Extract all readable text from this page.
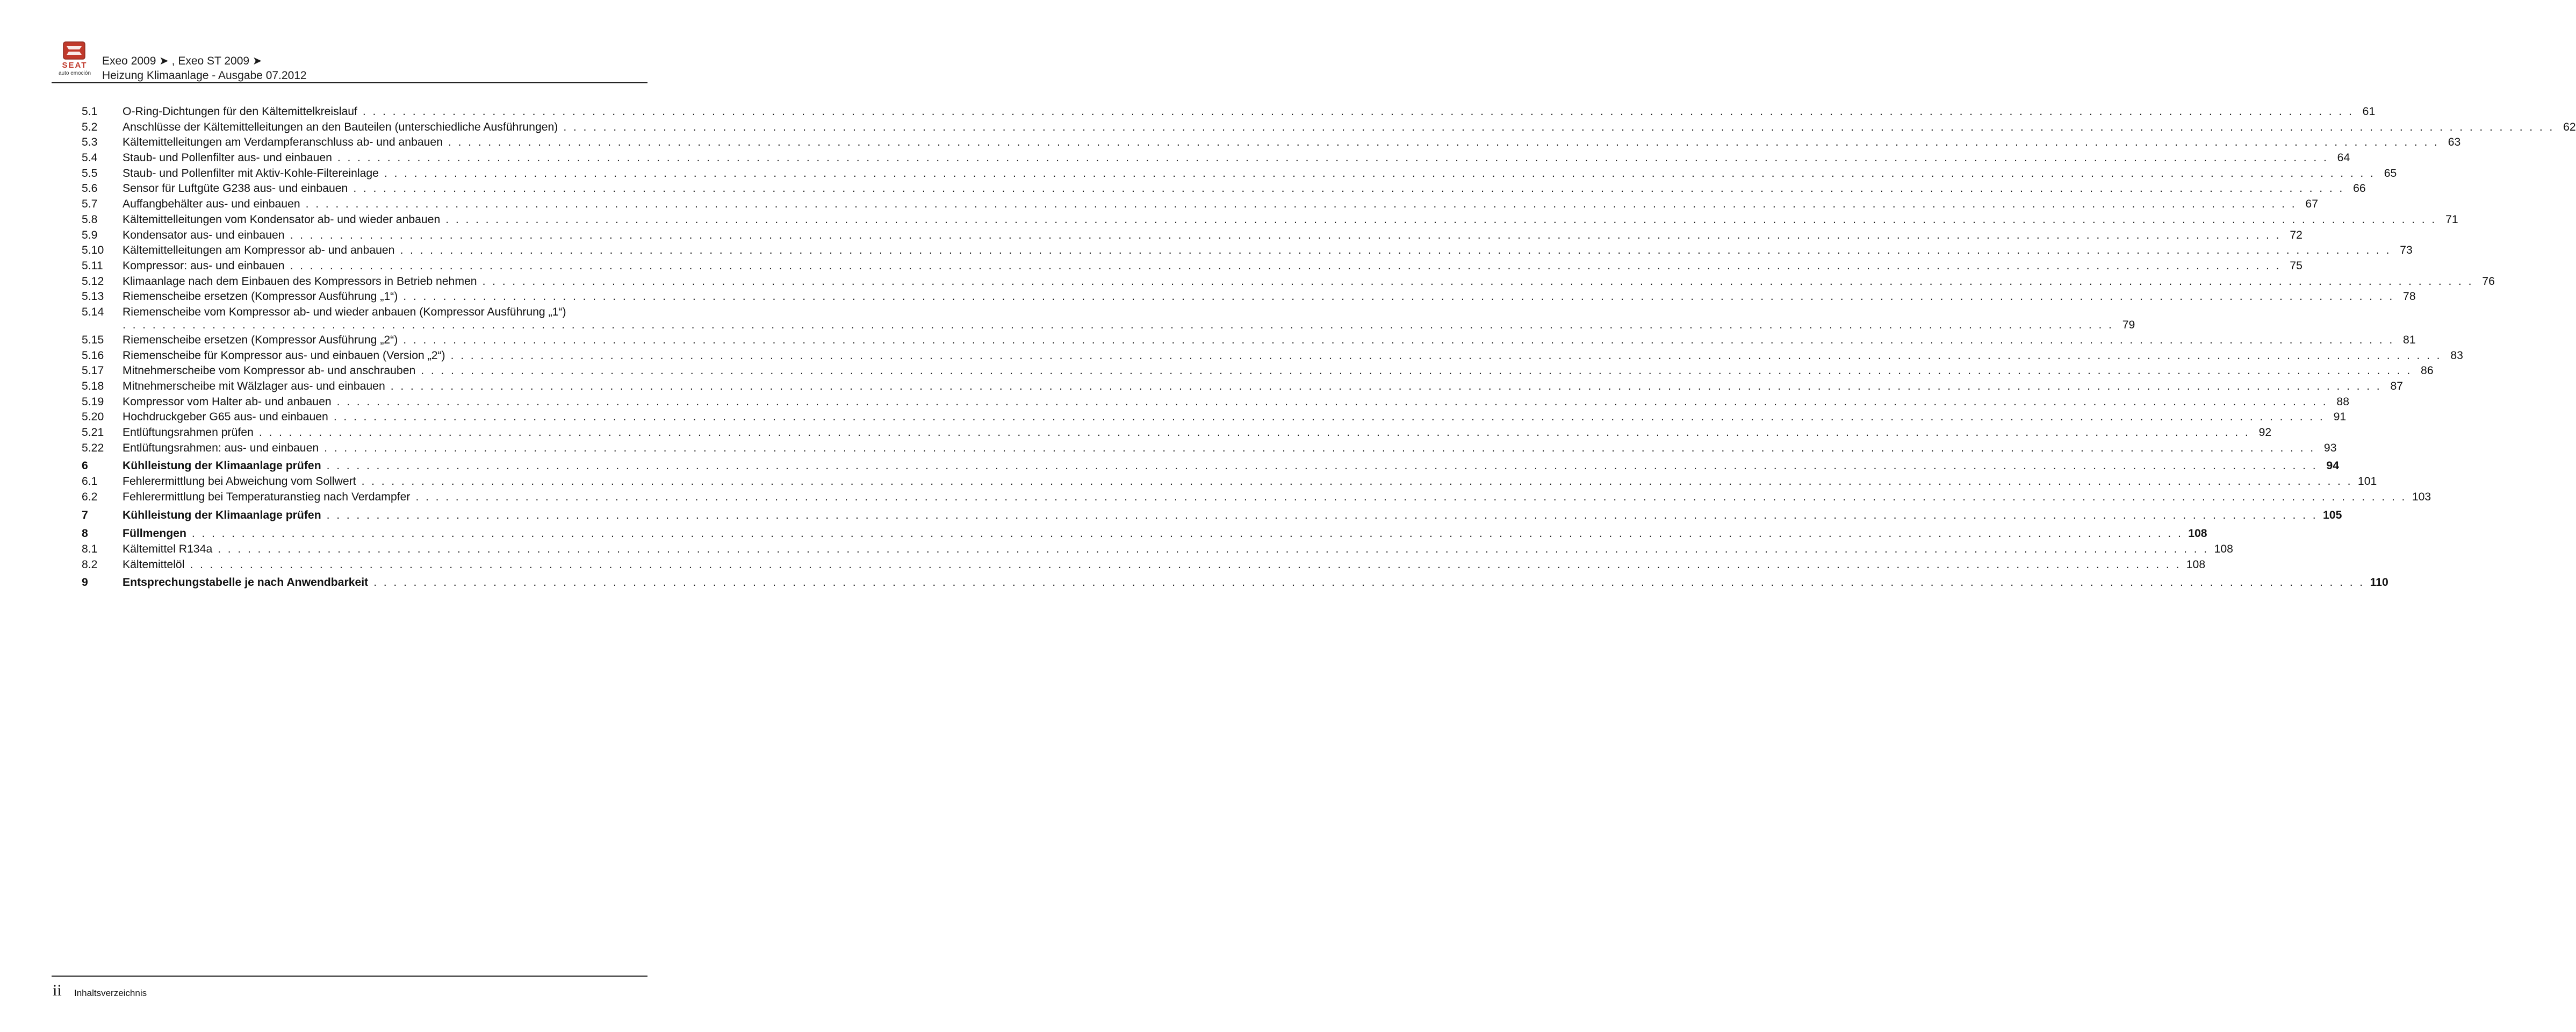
SEAT
auto emoción
Exeo 2009 ➤ , Exeo ST 2009 ➤
Heizung Klimaanlage - Ausgabe 07.2012
5.1 O-Ring-Dichtungen für den Kältemittelkreislauf . . . . . . . . . . . . . . . . . . . . . . . . . . . . . . . . . . . . . . . . . . . . . . . . . . . . . . . . . . . . . . . . . . . . . . . . . . . . . . . . . . . . . . . . . . . . . . . . . . . . . . . . . . . . . . . . . . . . . . . . . . . . . . . . . . . . . . . . . . . . . . . . . . . . . . . . . . . . . . . . . . . . . . . . . . . . . . . . . . . . . . . . . . . . . . . . . . . . . . . . 61
5.2 Anschlüsse der Kältemittelleitungen an den Bauteilen (unterschiedliche Ausführungen) . . . . . . . . . . . . . . . . . . . . . . . . . . . . . . . . . . . . . . . . . . . . . . . . . . . . . . . . . . . . . . . . . . . . . . . . . . . . . . . . . . . . . . . . . . . . . . . . . . . . . . . . . . . . . . . . . . . . . . . . . . . . . . . . . . . . . . . . . . . . . . . . . . . . . . . . . . . . . . . . . . . . . . . . . . . . . . . . . . . . . . . . . . . . . . . . . . . . . . . . 62
5.3 Kältemittelleitungen am Verdampferanschluss ab- und anbauen . . . . . . . . . . . . . . . . . . . . . . . . . . . . . . . . . . . . . . . . . . . . . . . . . . . . . . . . . . . . . . . . . . . . . . . . . . . . . . . . . . . . . . . . . . . . . . . . . . . . . . . . . . . . . . . . . . . . . . . . . . . . . . . . . . . . . . . . . . . . . . . . . . . . . . . . . . . . . . . . . . . . . . . . . . . . . . . . . . . . . . . . . . . . . . . . . . . . . . . . 63
5.4 Staub- und Pollenfilter aus- und einbauen . . . . . . . . . . . . . . . . . . . . . . . . . . . . . . . . . . . . . . . . . . . . . . . . . . . . . . . . . . . . . . . . . . . . . . . . . . . . . . . . . . . . . . . . . . . . . . . . . . . . . . . . . . . . . . . . . . . . . . . . . . . . . . . . . . . . . . . . . . . . . . . . . . . . . . . . . . . . . . . . . . . . . . . . . . . . . . . . . . . . . . . . . . . . . . . . . . . . . . . . 64
5.5 Staub- und Pollenfilter mit Aktiv-Kohle-Filtereinlage . . . . . . . . . . . . . . . . . . . . . . . . . . . . . . . . . . . . . . . . . . . . . . . . . . . . . . . . . . . . . . . . . . . . . . . . . . . . . . . . . . . . . . . . . . . . . . . . . . . . . . . . . . . . . . . . . . . . . . . . . . . . . . . . . . . . . . . . . . . . . . . . . . . . . . . . . . . . . . . . . . . . . . . . . . . . . . . . . . . . . . . . . . . . . . . . . . . . . . . . 65
5.6 Sensor für Luftgüte G238 aus- und einbauen . . . . . . . . . . . . . . . . . . . . . . . . . . . . . . . . . . . . . . . . . . . . . . . . . . . . . . . . . . . . . . . . . . . . . . . . . . . . . . . . . . . . . . . . . . . . . . . . . . . . . . . . . . . . . . . . . . . . . . . . . . . . . . . . . . . . . . . . . . . . . . . . . . . . . . . . . . . . . . . . . . . . . . . . . . . . . . . . . . . . . . . . . . . . . . . . . . . . . . . . 66
5.7 Auffangbehälter aus- und einbauen . . . . . . . . . . . . . . . . . . . . . . . . . . . . . . . . . . . . . . . . . . . . . . . . . . . . . . . . . . . . . . . . . . . . . . . . . . . . . . . . . . . . . . . . . . . . . . . . . . . . . . . . . . . . . . . . . . . . . . . . . . . . . . . . . . . . . . . . . . . . . . . . . . . . . . . . . . . . . . . . . . . . . . . . . . . . . . . . . . . . . . . . . . . . . . . . . . . . . . . . 67
5.8 Kältemittelleitungen vom Kondensator ab- und wieder anbauen . . . . . . . . . . . . . . . . . . . . . . . . . . . . . . . . . . . . . . . . . . . . . . . . . . . . . . . . . . . . . . . . . . . . . . . . . . . . . . . . . . . . . . . . . . . . . . . . . . . . . . . . . . . . . . . . . . . . . . . . . . . . . . . . . . . . . . . . . . . . . . . . . . . . . . . . . . . . . . . . . . . . . . . . . . . . . . . . . . . . . . . . . . . . . . . . . . . . . . . . 71
5.9 Kondensator aus- und einbauen . . . . . . . . . . . . . . . . . . . . . . . . . . . . . . . . . . . . . . . . . . . . . . . . . . . . . . . . . . . . . . . . . . . . . . . . . . . . . . . . . . . . . . . . . . . . . . . . . . . . . . . . . . . . . . . . . . . . . . . . . . . . . . . . . . . . . . . . . . . . . . . . . . . . . . . . . . . . . . . . . . . . . . . . . . . . . . . . . . . . . . . . . . . . . . . . . . . . . . . . 72
5.10 Kältemittelleitungen am Kompressor ab- und anbauen . . . . . . . . . . . . . . . . . . . . . . . . . . . . . . . . . . . . . . . . . . . . . . . . . . . . . . . . . . . . . . . . . . . . . . . . . . . . . . . . . . . . . . . . . . . . . . . . . . . . . . . . . . . . . . . . . . . . . . . . . . . . . . . . . . . . . . . . . . . . . . . . . . . . . . . . . . . . . . . . . . . . . . . . . . . . . . . . . . . . . . . . . . . . . . . . . . . . . . . . 73
5.11 Kompressor: aus- und einbauen . . . . . . . . . . . . . . . . . . . . . . . . . . . . . . . . . . . . . . . . . . . . . . . . . . . . . . . . . . . . . . . . . . . . . . . . . . . . . . . . . . . . . . . . . . . . . . . . . . . . . . . . . . . . . . . . . . . . . . . . . . . . . . . . . . . . . . . . . . . . . . . . . . . . . . . . . . . . . . . . . . . . . . . . . . . . . . . . . . . . . . . . . . . . . . . . . . . . . . . . 75
5.12 Klimaanlage nach dem Einbauen des Kompressors in Betrieb nehmen . . . . . . . . . . . . . . . . . . . . . . . . . . . . . . . . . . . . . . . . . . . . . . . . . . . . . . . . . . . . . . . . . . . . . . . . . . . . . . . . . . . . . . . . . . . . . . . . . . . . . . . . . . . . . . . . . . . . . . . . . . . . . . . . . . . . . . . . . . . . . . . . . . . . . . . . . . . . . . . . . . . . . . . . . . . . . . . . . . . . . . . . . . . . . . . . . . . . . . . . 76
5.13 Riemenscheibe ersetzen (Kompressor Ausführung „1“) . . . . . . . . . . . . . . . . . . . . . . . . . . . . . . . . . . . . . . . . . . . . . . . . . . . . . . . . . . . . . . . . . . . . . . . . . . . . . . . . . . . . . . . . . . . . . . . . . . . . . . . . . . . . . . . . . . . . . . . . . . . . . . . . . . . . . . . . . . . . . . . . . . . . . . . . . . . . . . . . . . . . . . . . . . . . . . . . . . . . . . . . . . . . . . . . . . . . . . . . 78
5.14 Riemenscheibe vom Kompressor ab- und wieder anbauen (Kompressor Ausführung „1“)
. . . . . . . . . . . . . . . . . . . . . . . . . . . . . . . . . . . . . . . . . . . . . . . . . . . . . . . . . . . . . . . . . . . . . . . . . . . . . . . . . . . . . . . . . . . . . . . . . . . . . . . . . . . . . . . . . . . . . . . . . . . . . . . . . . . . . . . . . . . . . . . . . . . . . . . . . . . . . . . . . . . . . . . . . . . . . . . . . . . . . . . . . . . . . . . . . . . . . . . . 79
5.15 Riemenscheibe ersetzen (Kompressor Ausführung „2“) . . . . . . . . . . . . . . . . . . . . . . . . . . . . . . . . . . . . . . . . . . . . . . . . . . . . . . . . . . . . . . . . . . . . . . . . . . . . . . . . . . . . . . . . . . . . . . . . . . . . . . . . . . . . . . . . . . . . . . . . . . . . . . . . . . . . . . . . . . . . . . . . . . . . . . . . . . . . . . . . . . . . . . . . . . . . . . . . . . . . . . . . . . . . . . . . . . . . . . . . 81
5.16 Riemenscheibe für Kompressor aus- und einbauen (Version „2“) . . . . . . . . . . . . . . . . . . . . . . . . . . . . . . . . . . . . . . . . . . . . . . . . . . . . . . . . . . . . . . . . . . . . . . . . . . . . . . . . . . . . . . . . . . . . . . . . . . . . . . . . . . . . . . . . . . . . . . . . . . . . . . . . . . . . . . . . . . . . . . . . . . . . . . . . . . . . . . . . . . . . . . . . . . . . . . . . . . . . . . . . . . . . . . . . . . . . . . . . 83
5.17 Mitnehmerscheibe vom Kompressor ab- und anschrauben . . . . . . . . . . . . . . . . . . . . . . . . . . . . . . . . . . . . . . . . . . . . . . . . . . . . . . . . . . . . . . . . . . . . . . . . . . . . . . . . . . . . . . . . . . . . . . . . . . . . . . . . . . . . . . . . . . . . . . . . . . . . . . . . . . . . . . . . . . . . . . . . . . . . . . . . . . . . . . . . . . . . . . . . . . . . . . . . . . . . . . . . . . . . . . . . . . . . . . . . 86
5.18 Mitnehmerscheibe mit Wälzlager aus- und einbauen . . . . . . . . . . . . . . . . . . . . . . . . . . . . . . . . . . . . . . . . . . . . . . . . . . . . . . . . . . . . . . . . . . . . . . . . . . . . . . . . . . . . . . . . . . . . . . . . . . . . . . . . . . . . . . . . . . . . . . . . . . . . . . . . . . . . . . . . . . . . . . . . . . . . . . . . . . . . . . . . . . . . . . . . . . . . . . . . . . . . . . . . . . . . . . . . . . . . . . . . 87
5.19 Kompressor vom Halter ab- und anbauen . . . . . . . . . . . . . . . . . . . . . . . . . . . . . . . . . . . . . . . . . . . . . . . . . . . . . . . . . . . . . . . . . . . . . . . . . . . . . . . . . . . . . . . . . . . . . . . . . . . . . . . . . . . . . . . . . . . . . . . . . . . . . . . . . . . . . . . . . . . . . . . . . . . . . . . . . . . . . . . . . . . . . . . . . . . . . . . . . . . . . . . . . . . . . . . . . . . . . . . . 88
5.20 Hochdruckgeber G65 aus- und einbauen . . . . . . . . . . . . . . . . . . . . . . . . . . . . . . . . . . . . . . . . . . . . . . . . . . . . . . . . . . . . . . . . . . . . . . . . . . . . . . . . . . . . . . . . . . . . . . . . . . . . . . . . . . . . . . . . . . . . . . . . . . . . . . . . . . . . . . . . . . . . . . . . . . . . . . . . . . . . . . . . . . . . . . . . . . . . . . . . . . . . . . . . . . . . . . . . . . . . . . . . 91
5.21 Entlüftungsrahmen prüfen . . . . . . . . . . . . . . . . . . . . . . . . . . . . . . . . . . . . . . . . . . . . . . . . . . . . . . . . . . . . . . . . . . . . . . . . . . . . . . . . . . . . . . . . . . . . . . . . . . . . . . . . . . . . . . . . . . . . . . . . . . . . . . . . . . . . . . . . . . . . . . . . . . . . . . . . . . . . . . . . . . . . . . . . . . . . . . . . . . . . . . . . . . . . . . . . . . . . . . . . 92
5.22 Entlüftungsrahmen: aus- und einbauen . . . . . . . . . . . . . . . . . . . . . . . . . . . . . . . . . . . . . . . . . . . . . . . . . . . . . . . . . . . . . . . . . . . . . . . . . . . . . . . . . . . . . . . . . . . . . . . . . . . . . . . . . . . . . . . . . . . . . . . . . . . . . . . . . . . . . . . . . . . . . . . . . . . . . . . . . . . . . . . . . . . . . . . . . . . . . . . . . . . . . . . . . . . . . . . . . . . . . . . . 93
6	Kühlleistung der Klimaanlage prüfen . . . . . . . . . . . . . . . . . . . . . . . . . . . . . . . . . . . . . . . . . . . . . . . . . . . . . . . . . . . . . . . . . . . . . . . . . . . . . . . . . . . . . . . . . . . . . . . . . . . . . . . . . . . . . . . . . . . . . . . . . . . . . . . . . . . . . . . . . . . . . . . . . . . . . . . . . . . . . . . . . . . . . . . . . . . . . . . . . . . . . . . . . . . . . . . . . . . . . . . . 94
6.1 Fehlerermittlung bei Abweichung vom Sollwert . . . . . . . . . . . . . . . . . . . . . . . . . . . . . . . . . . . . . . . . . . . . . . . . . . . . . . . . . . . . . . . . . . . . . . . . . . . . . . . . . . . . . . . . . . . . . . . . . . . . . . . . . . . . . . . . . . . . . . . . . . . . . . . . . . . . . . . . . . . . . . . . . . . . . . . . . . . . . . . . . . . . . . . . . . . . . . . . . . . . . . . . . . . . . . . . . . . . . . . . 101
6.2 Fehlerermittlung bei Temperaturanstieg nach Verdampfer . . . . . . . . . . . . . . . . . . . . . . . . . . . . . . . . . . . . . . . . . . . . . . . . . . . . . . . . . . . . . . . . . . . . . . . . . . . . . . . . . . . . . . . . . . . . . . . . . . . . . . . . . . . . . . . . . . . . . . . . . . . . . . . . . . . . . . . . . . . . . . . . . . . . . . . . . . . . . . . . . . . . . . . . . . . . . . . . . . . . . . . . . . . . . . . . . . . . . . . . 103
7	Kühlleistung der Klimaanlage prüfen . . . . . . . . . . . . . . . . . . . . . . . . . . . . . . . . . . . . . . . . . . . . . . . . . . . . . . . . . . . . . . . . . . . . . . . . . . . . . . . . . . . . . . . . . . . . . . . . . . . . . . . . . . . . . . . . . . . . . . . . . . . . . . . . . . . . . . . . . . . . . . . . . . . . . . . . . . . . . . . . . . . . . . . . . . . . . . . . . . . . . . . . . . . . . . . . . . . . . . . . 105
8	Füllmengen . . . . . . . . . . . . . . . . . . . . . . . . . . . . . . . . . . . . . . . . . . . . . . . . . . . . . . . . . . . . . . . . . . . . . . . . . . . . . . . . . . . . . . . . . . . . . . . . . . . . . . . . . . . . . . . . . . . . . . . . . . . . . . . . . . . . . . . . . . . . . . . . . . . . . . . . . . . . . . . . . . . . . . . . . . . . . . . . . . . . . . . . . . . . . . . . . . . . . . . . 108
8.1 Kältemittel R134a . . . . . . . . . . . . . . . . . . . . . . . . . . . . . . . . . . . . . . . . . . . . . . . . . . . . . . . . . . . . . . . . . . . . . . . . . . . . . . . . . . . . . . . . . . . . . . . . . . . . . . . . . . . . . . . . . . . . . . . . . . . . . . . . . . . . . . . . . . . . . . . . . . . . . . . . . . . . . . . . . . . . . . . . . . . . . . . . . . . . . . . . . . . . . . . . . . . . . . . . 108
8.2 Kältemittelöl . . . . . . . . . . . . . . . . . . . . . . . . . . . . . . . . . . . . . . . . . . . . . . . . . . . . . . . . . . . . . . . . . . . . . . . . . . . . . . . . . . . . . . . . . . . . . . . . . . . . . . . . . . . . . . . . . . . . . . . . . . . . . . . . . . . . . . . . . . . . . . . . . . . . . . . . . . . . . . . . . . . . . . . . . . . . . . . . . . . . . . . . . . . . . . . . . . . . . . . . 108
9	Entsprechungstabelle je nach Anwendbarkeit . . . . . . . . . . . . . . . . . . . . . . . . . . . . . . . . . . . . . . . . . . . . . . . . . . . . . . . . . . . . . . . . . . . . . . . . . . . . . . . . . . . . . . . . . . . . . . . . . . . . . . . . . . . . . . . . . . . . . . . . . . . . . . . . . . . . . . . . . . . . . . . . . . . . . . . . . . . . . . . . . . . . . . . . . . . . . . . . . . . . . . . . . . . . . . . . . . . . . . . . 110
ii Inhaltsverzeichnis
